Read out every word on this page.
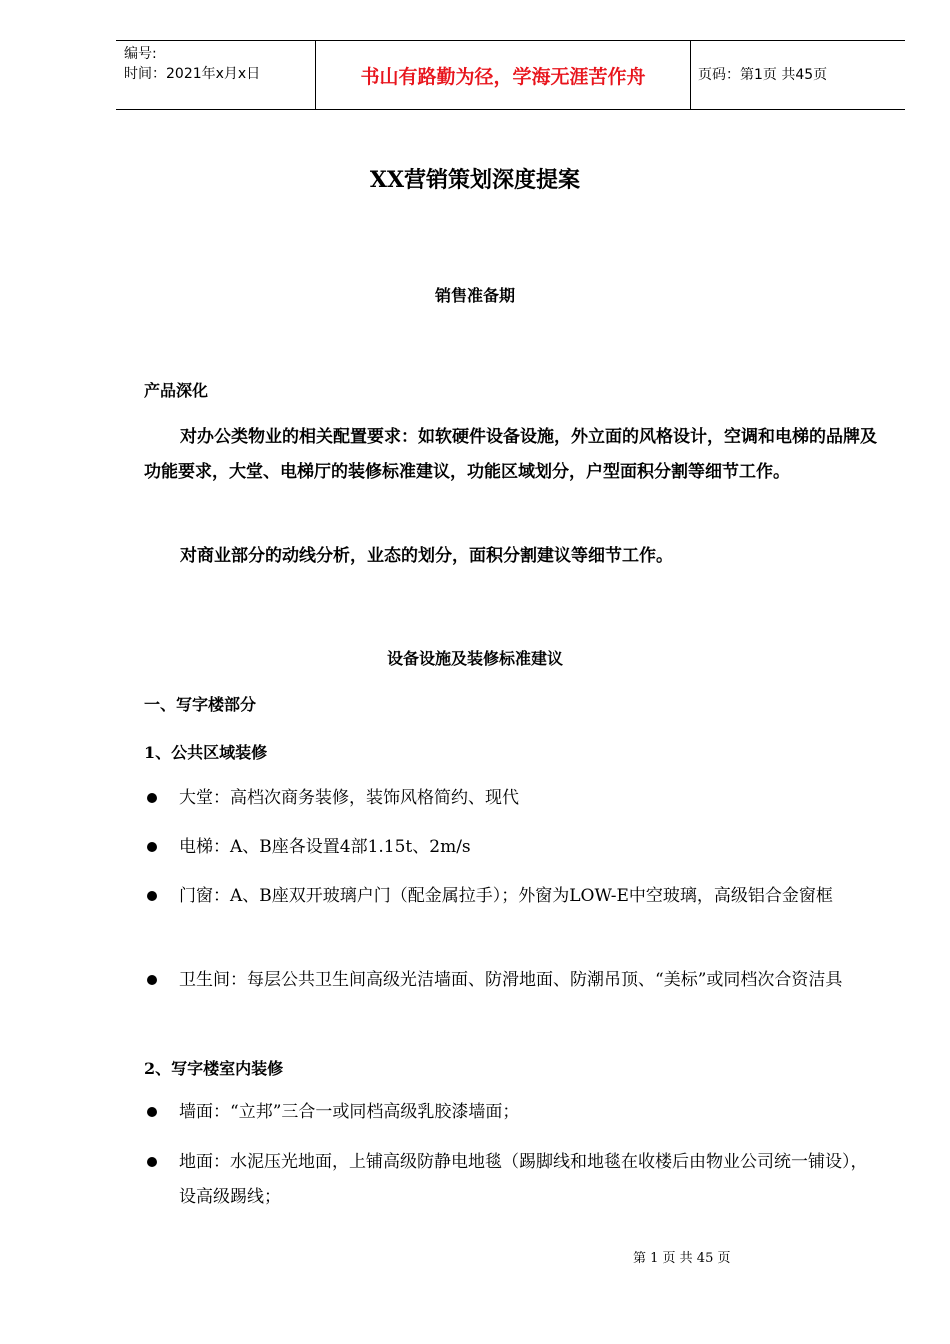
编号:
时间：2021年x月x日	书山有路勤为径，学海无涯苦作舟	页码：第1页 共45页
XX营销策划深度提案
销售准备期
产品深化
对办公类物业的相关配置要求：如软硬件设备设施，外立面的风格设计，空调和电梯的品牌及功能要求，大堂、电梯厅的装修标准建议，功能区域划分，户型面积分割等细节工作。
对商业部分的动线分析，业态的划分，面积分割建议等细节工作。
设备设施及装修标准建议
一、写字楼部分
1、公共区域装修
大堂：高档次商务装修，装饰风格简约、现代
电梯：A、B座各设置4部1.15t、2m/s
门窗：A、B座双开玻璃户门（配金属拉手）；外窗为LOW-E中空玻璃，高级铝合金窗框
卫生间：每层公共卫生间高级光洁墙面、防滑地面、防潮吊顶、“美标”或同档次合资洁具
2、写字楼室内装修
墙面：“立邦”三合一或同档高级乳胶漆墙面；
地面：水泥压光地面，上铺高级防静电地毯（踢脚线和地毯在收楼后由物业公司统一铺设）， 设高级踢线；
第 1 页 共 45 页
